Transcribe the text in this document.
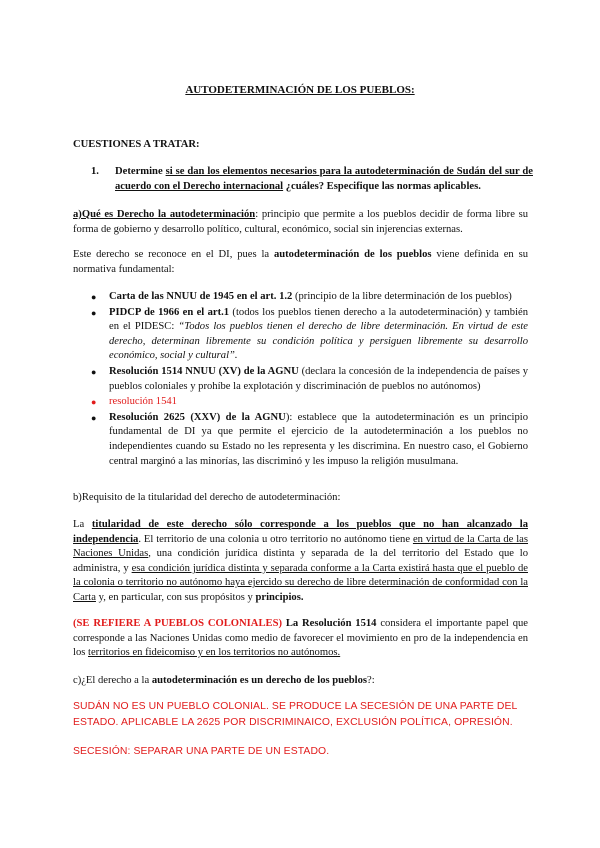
AUTODETERMINACIÓN DE LOS PUEBLOS:
CUESTIONES A TRATAR:
1. Determine si se dan los elementos necesarios para la autodeterminación de Sudán del sur de acuerdo con el Derecho internacional ¿cuáles? Especifique las normas aplicables.
a)Qué es Derecho la autodeterminación: principio que permite a los pueblos decidir de forma libre su forma de gobierno y desarrollo político, cultural, económico, social sin injerencias externas.
Este derecho se reconoce en el DI, pues la autodeterminación de los pueblos viene definida en su normativa fundamental:
● Carta de las NNUU de 1945 en el art. 1.2 (principio de la libre determinación de los pueblos)
● PIDCP de 1966 en el art.1 (todos los pueblos tienen derecho a la autodeterminación) y también en el PIDESC: “Todos los pueblos tienen el derecho de libre determinación. En virtud de este derecho, determinan libremente su condición política y persiguen libremente su desarrollo económico, social y cultural”.
● Resolución 1514 NNUU (XV) de la AGNU (declara la concesión de la independencia de países y pueblos coloniales y prohíbe la explotación y discriminación de pueblos no autónomos)
● resolución 1541
● Resolución 2625 (XXV) de la AGNU): establece que la autodeterminación es un principio fundamental de DI ya que permite el ejercicio de la autodeterminación a los pueblos no independientes cuando su Estado no les representa y les discrimina. En nuestro caso, el Gobierno central marginó a las minorías, las discriminó y les impuso la religión musulmana.
b)Requisito de la titularidad del derecho de autodeterminación:
La titularidad de este derecho sólo corresponde a los pueblos que no han alcanzado la independencia. El territorio de una colonia u otro territorio no autónomo tiene en virtud de la Carta de las Naciones Unidas, una condición jurídica distinta y separada de la del territorio del Estado que lo administra, y esa condición jurídica distinta y separada conforme a la Carta existirá hasta que el pueblo de la colonia o territorio no autónomo haya ejercido su derecho de libre determinación de conformidad con la Carta y, en particular, con sus propósitos y principios.
(SE REFIERE A PUEBLOS COLONIALES) La Resolución 1514 considera el importante papel que corresponde a las Naciones Unidas como medio de favorecer el movimiento en pro de la independencia en los territorios en fideicomiso y en los territorios no autónomos.
c)¿El derecho a la autodeterminación es un derecho de los pueblos?:
SUDÁN NO ES UN PUEBLO COLONIAL. SE PRODUCE LA SECESIÓN DE UNA PARTE DEL ESTADO. APLICABLE LA 2625 POR DISCRIMINAICO, EXCLUSIÓN POLÍTICA, OPRESIÓN.
SECESIÓN: SEPARAR UNA PARTE DE UN ESTADO.
